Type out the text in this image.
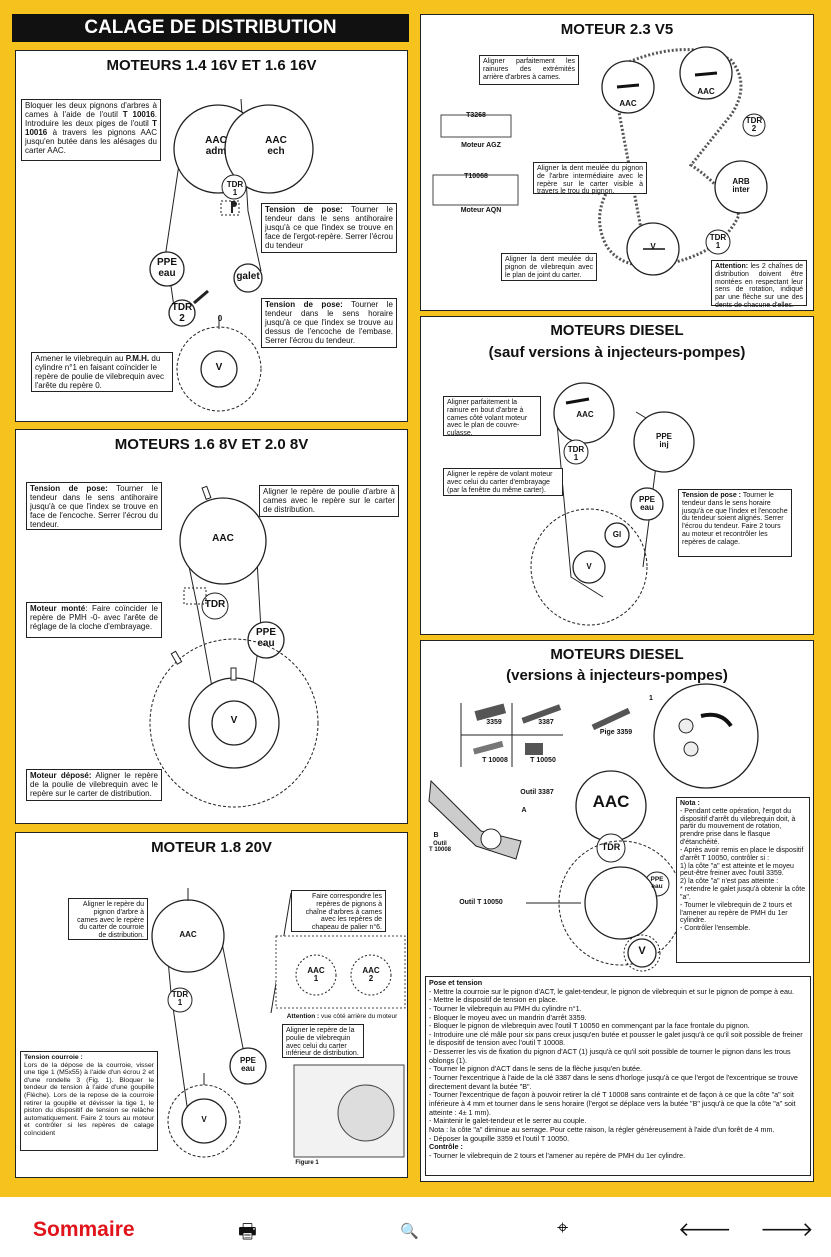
CALAGE DE DISTRIBUTION
MOTEURS 1.4 16V ET 1.6 16V
AAC
adm
AAC
ech
TDR
1
PPE
eau	galet
TDR
2	0
V
Bloquer les deux pignons d'arbres à cames à l'aide de l'outil T 10016. Introduire les deux piges de l'outil T 10016 à travers les pignons AAC jusqu'en butée dans les alésages du carter AAC.
Tension de pose: Tourner le tendeur dans le sens antihoraire jusqu'à ce que l'index se trouve en face de l'ergot-repère. Serrer l'écrou du tendeur
Tension de pose: Tourner le tendeur dans le sens horaire jusqu'à ce que l'index se trouve au dessus de l'encoche de l'embase. Serrer l'écrou du tendeur.
Amener le vilebrequin au P.M.H. du cylindre n°1 en faisant coïncider le repère de poulie de vilebrequin avec l'arête du repère 0.
MOTEUR 2.3 V5
AAC
AAC
TDR
2
ARB
inter
TDR
1
V
T3268
Moteur AGZ
T10068
Moteur AQN
Aligner parfaitement les rainures des extrémités arrière d'arbres à cames.
Aligner la dent meulée du pignon de l'arbre intermédiaire avec le repère sur le carter visible à travers le trou du pignon.
Aligner la dent meulée du pignon de vilebrequin avec le plan de joint du carter.
Attention: les 2 chaînes de distribution doivent être montées en respectant leur sens de rotation, indiqué par une flèche sur une des dents de chacune d'elles.
MOTEURS 1.6 8V ET 2.0 8V
AAC
TDR
PPE
eau
V
Tension de pose: Tourner le tendeur dans le sens antihoraire jusqu'à ce que l'index se trouve en face de l'encoche. Serrer l'écrou du tendeur.
Aligner le repère de poulie d'arbre à cames avec le repère sur le carter de distribution.
Moteur monté: Faire coïncider le repère de PMH -0- avec l'arête de réglage de la cloche d'embrayage.
Moteur déposé: Aligner le repère de la poulie de vilebrequin avec le repère sur le carter de distribution.
MOTEURS DIESEL
(sauf versions à injecteurs-pompes)
AAC
PPE
inj
TDR
1
PPE
eau
Gl
V
Aligner parfaitement la rainure en bout d'arbre à cames côté volant moteur avec le plan de couvre-culasse.
Aligner le repère de volant moteur avec celui du carter d'embrayage (par la fenêtre du même carter).
Tension de pose : Tourner le tendeur dans le sens horaire jusqu'à ce que l'index et l'encoche du tendeur soient alignés. Serrer l'écrou du tendeur. Faire 2 tours au moteur et recontrôler les repères de calage.
MOTEUR 1.8 20V
AAC
TDR
1
PPE
eau
V
AAC
1
AAC
2
Figure 1
Aligner le repère du pignon d'arbre à cames avec le repère du carter de courroie de distribution.
Faire correspondre les repères de pignons à chaîne d'arbres à cames avec les repères de chapeau de palier n°6.

Attention : vue côté arrière du moteur

Aligner le repère de la poulie de vilebrequin avec celui du carter inférieur de distribution.
Tension courroie :
Lors de la dépose de la courroie, visser une tige 1 (M5x55) à l'aide d'un écrou 2 et d'une rondelle 3 (Fig. 1). Bloquer le tendeur de tension à l'aide d'une goupille (Flèche). Lors de la repose de la courroie retirer la goupille et dévisser la tige 1, le piston du dispositif de tension se relâche automatiquement. Faire 2 tours au moteur et contrôler si les repères de calage coïncident
MOTEURS DIESEL
(versions à injecteurs-pompes)
3359	3387
T 10008	T 10050
Pige 3359
1
Outil 3387
A
B
Outil
T 10008
Outil T 10050
AAC
TDR
PPE
eau
V
Nota :
- Pendant cette opération, l'ergot du dispositif d'arrêt du vilebrequin doit, à partir du mouvement de rotation, prendre prise dans le flasque d'étanchéité.
- Après avoir remis en place le dispositif d'arrêt T 10050, contrôler si :
1) la côte "a" est atteinte et le moyeu peut-être freiner avec l'outil 3359.
2) la côte "a" n'est pas atteinte :
* retendre le galet jusqu'à obtenir la côte "a".
- Tourner le vilebrequin de 2 tours et l'amener au repère de PMH du 1er cylindre.
- Contrôler l'ensemble.
Pose et tension
- Mettre la courroie sur le pignon d'ACT, le galet-tendeur, le pignon de vilebrequin et sur le pignon de pompe à eau.
- Mettre le dispositif de tension en place.
- Tourner le vilebrequin au PMH du cylindre n°1.
- Bloquer le moyeu avec un mandrin d'arrêt 3359.
- Bloquer le pignon de vilebrequin avec l'outil T 10050 en commençant par la face frontale du pignon.
- Introduire une clé mâle pour six pans creux jusqu'en butée et pousser le galet jusqu'à ce qu'il soit possible de freiner
le dispositif de tension avec l'outil T 10008.
- Desserrer les vis de fixation du pignon d'ACT (1) jusqu'à ce qu'il soit possible de tourner le pignon dans les trous oblongs (1).
- Tourner le pignon d'ACT dans le sens de la flèche jusqu'en butée.
- Tourner l'excentrique à l'aide de la clé 3387 dans le sens d'horloge jusqu'à ce que l'ergot de l'excentrique se trouve
directement devant la butée "B".
- Tourner l'excentrique de façon à pouvoir retirer la clé T 10008 sans contrainte et de façon à ce que la côte "a" soit
inférieure à 4 mm et tourner dans le sens horaire (l'ergot se déplace vers la butée "B" jusqu'à ce que la côte "a" soit
atteinte : 4± 1 mm).
- Maintenir le galet-tendeur et le serrer au couple.
Nota : la côte "a" diminue au serrage. Pour cette raison, la régler généreusement à l'aide d'un forêt de 4 mm.
- Déposer la goupille 3359 et l'outil T 10050.
Contrôle :
- Tourner le vilebrequin de 2 tours et l'amener au repère de PMH du 1er cylindre.
Sommaire	🖶	🔍	⌖	🡐 🡒
